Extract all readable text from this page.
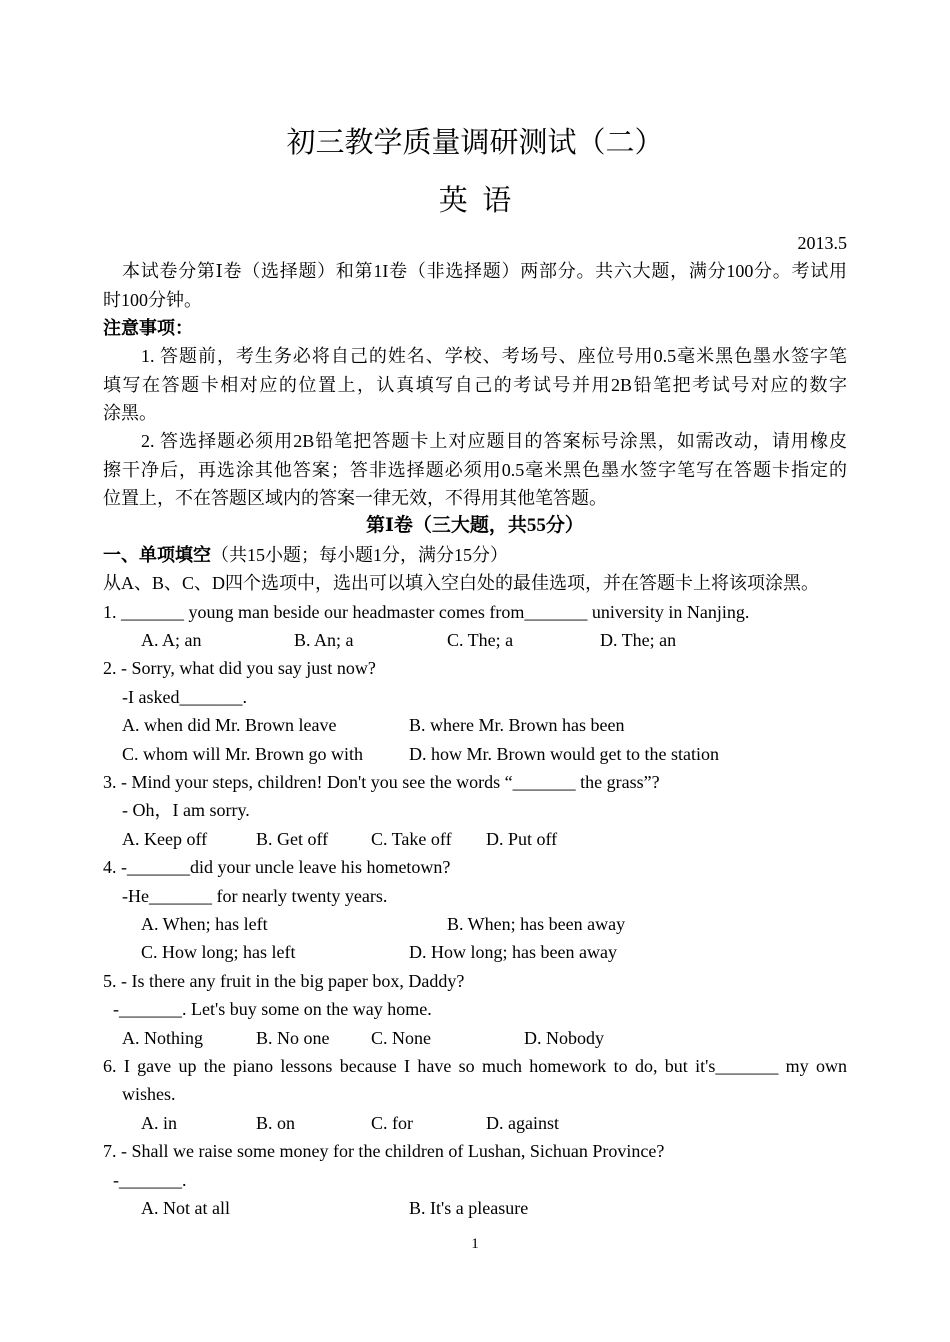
初三教学质量调研测试（二）
英  语
2013.5
本试卷分第Ⅰ卷（选择题）和第1I卷（非选择题）两部分。共六大题，满分100分。考试用
时100分钟。
注意事项：
1. 答题前，考生务必将自己的姓名、学校、考场号、座位号用0.5毫米黑色墨水签字笔
填写在答题卡相对应的位置上，认真填写自己的考试号并用2B铅笔把考试号对应的数字
涂黑。
2. 答选择题必须用2B铅笔把答题卡上对应题目的答案标号涂黑，如需改动，请用橡皮
擦干净后，再选涂其他答案；答非选择题必须用0.5毫米黑色墨水签字笔写在答题卡指定的
位置上，不在答题区域内的答案一律无效，不得用其他笔答题。
第Ⅰ卷（三大题，共55分）
一、单项填空（共15小题；每小题1分，满分15分）
从A、B、C、D四个选项中，选出可以填入空白处的最佳选项，并在答题卡上将该项涂黑。
1. _______ young man beside our headmaster comes from_______ university in Nanjing.
A. A; an	B. An; a	C. The; a	D. The; an
2. - Sorry, what did you say just now?
-I asked_______.
A. when did Mr. Brown leave	B. where Mr. Brown has been
C. whom will Mr. Brown go with	D. how Mr. Brown would get to the station
3. - Mind your steps, children! Don't you see the words “_______ the grass”?
- Oh，I am sorry.
A. Keep off	B. Get off C. Take off D. Put off
4. -_______did your uncle leave his hometown?
-He_______ for nearly twenty years.
A. When; has left	B. When; has been away
C. How long; has left	D. How long; has been away
5. - Is there any fruit in the big paper box, Daddy?
-_______. Let's buy some on the way home.
A. Nothing	B. No one C. None	D. Nobody
6. I gave up the piano lessons because I have so much homework to do, but it's_______ my own
wishes.
A. in	B. on	C. for	D. against
7. - Shall we raise some money for the children of Lushan, Sichuan Province?
-_______.
A. Not at all	B. It's a pleasure
1
